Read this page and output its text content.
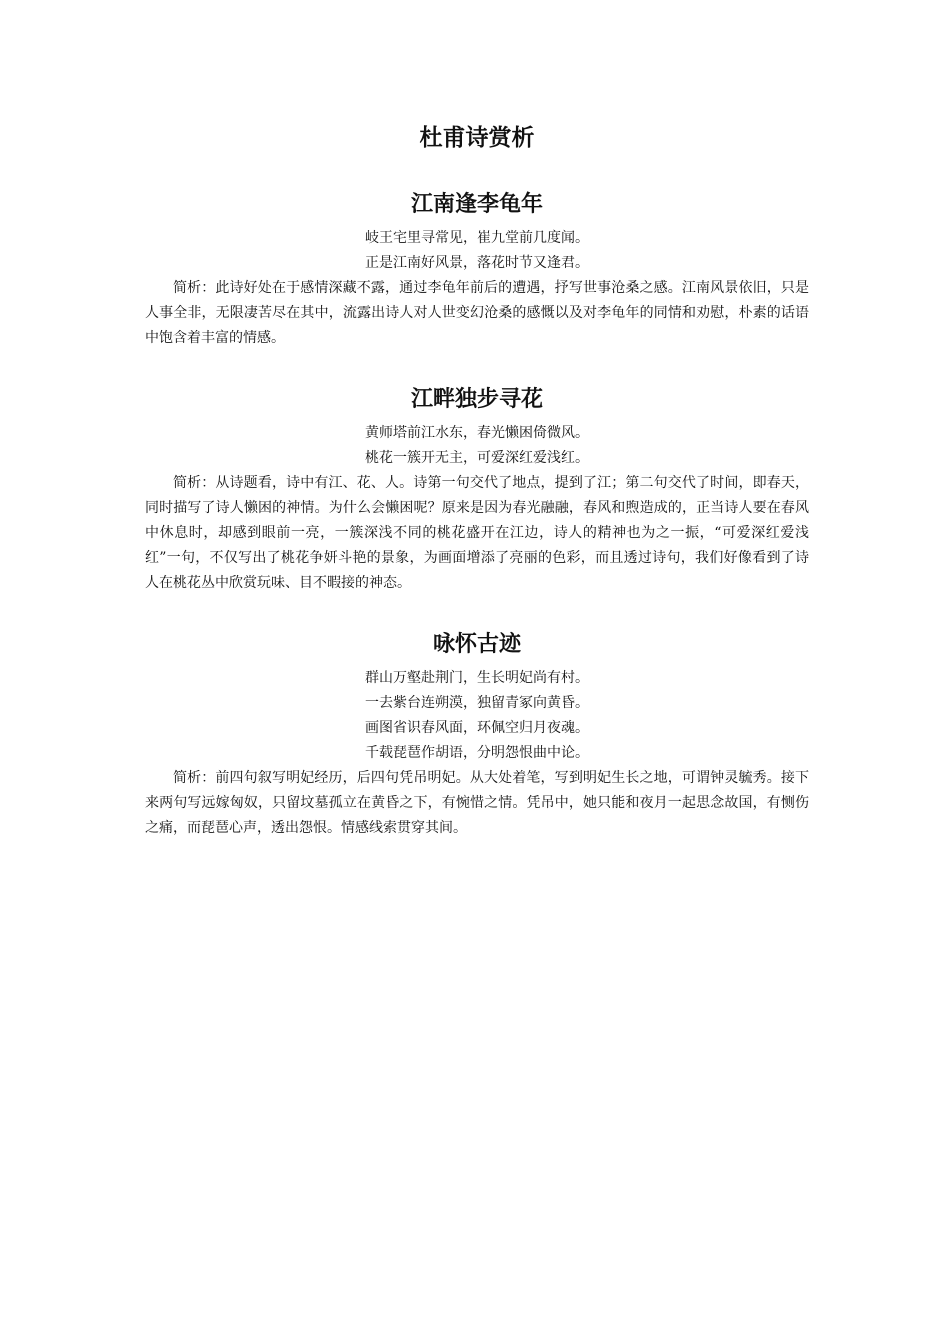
杜甫诗赏析
江南逢李龟年

岐王宅里寻常见，崔九堂前几度闻。

正是江南好风景，落花时节又逢君。

简析：此诗好处在于感情深藏不露，通过李龟年前后的遭遇，抒写世事沧桑之感。江南风景依旧，只是人事全非，无限凄苦尽在其中，流露出诗人对人世变幻沧桑的感慨以及对李龟年的同情和劝慰，朴素的话语中饱含着丰富的情感。

江畔独步寻花

黄师塔前江水东，春光懒困倚微风。

桃花一簇开无主，可爱深红爱浅红。

简析：从诗题看，诗中有江、花、人。诗第一句交代了地点，提到了江；第二句交代了时间，即春天，同时描写了诗人懒困的神情。为什么会懒困呢？原来是因为春光融融，春风和煦造成的，正当诗人要在春风中休息时，却感到眼前一亮，一簇深浅不同的桃花盛开在江边，诗人的精神也为之一振，“可爱深红爱浅红”一句，不仅写出了桃花争妍斗艳的景象，为画面增添了亮丽的色彩，而且透过诗句，我们好像看到了诗人在桃花丛中欣赏玩味、目不暇接的神态。

咏怀古迹

群山万壑赴荆门，生长明妃尚有村。

一去紫台连朔漠，独留青冢向黄昏。

画图省识春风面，环佩空归月夜魂。

千载琵琶作胡语，分明怨恨曲中论。

简析：前四句叙写明妃经历，后四句凭吊明妃。从大处着笔，写到明妃生长之地，可谓钟灵毓秀。接下来两句写远嫁匈奴，只留坟墓孤立在黄昏之下，有惋惜之情。凭吊中，她只能和夜月一起思念故国，有恻伤之痛，而琵琶心声，透出怨恨。情感线索贯穿其间。
